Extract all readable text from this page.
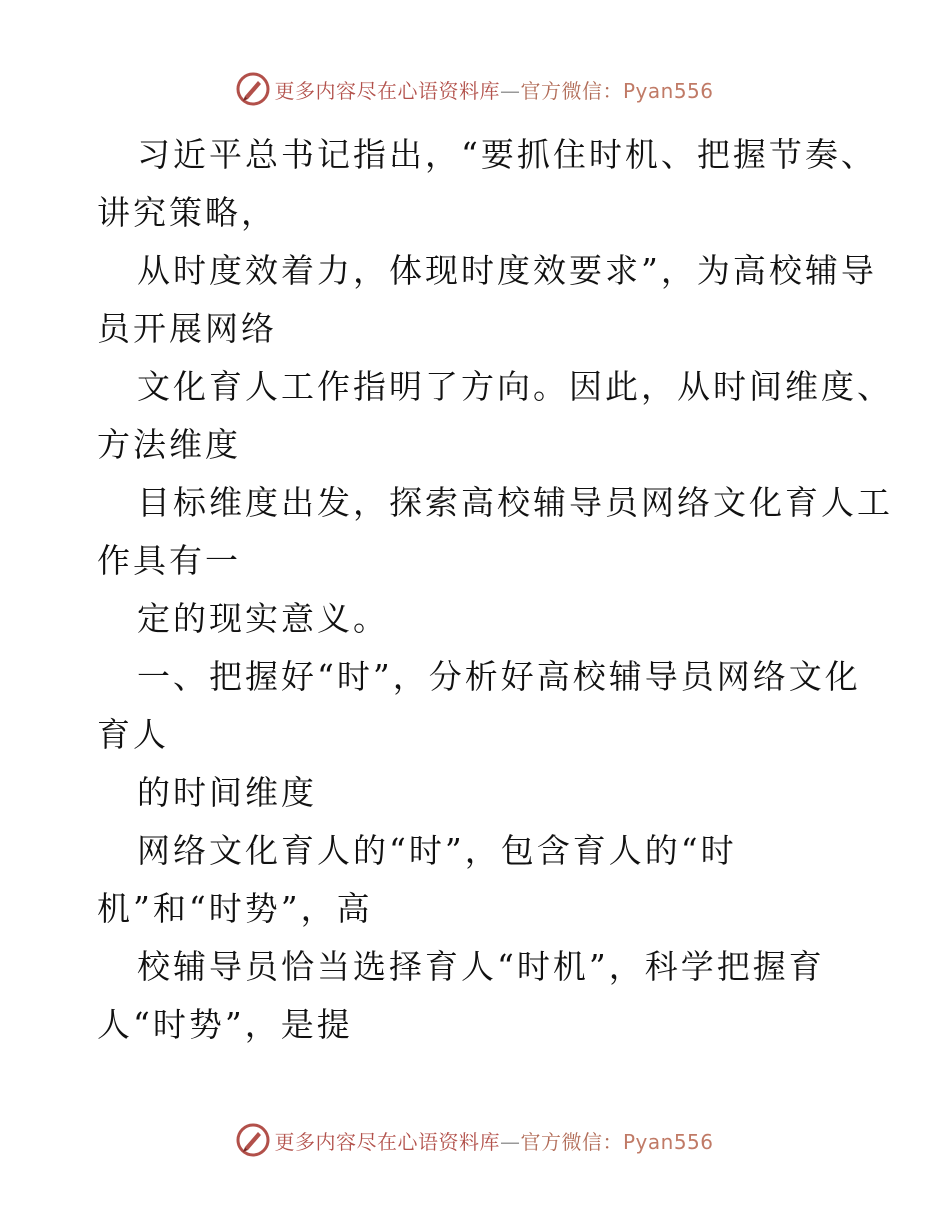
更多内容尽在心语资料库—官方微信：Pyan556
习近平总书记指出，“要抓住时机、把握节奏、
讲究策略，
从时度效着力，体现时度效要求”，为高校辅导
员开展网络
文化育人工作指明了方向。因此，从时间维度、
方法维度
目标维度出发，探索高校辅导员网络文化育人工
作具有一
定的现实意义。
一、把握好“时”，分析好高校辅导员网络文化
育人
的时间维度
网络文化育人的“时”，包含育人的“时
机”和“时势”，高
校辅导员恰当选择育人“时机”，科学把握育
人“时势”，是提
更多内容尽在心语资料库—官方微信：Pyan556
